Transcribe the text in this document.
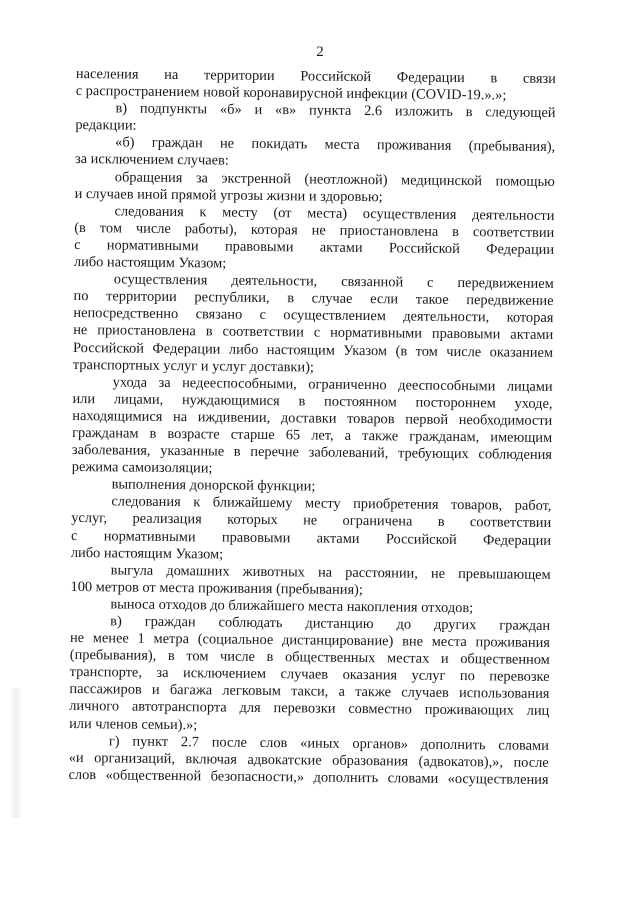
2

населения на территории Российской Федерации в связи

с распространением новой коронавирусной инфекции (COVID-19.».»;

в) подпункты «б» и «в» пункта 2.6 изложить в следующей

редакции:

«б) граждан не покидать места проживания (пребывания),

за исключением случаев:

обращения за экстренной (неотложной) медицинской помощью

и случаев иной прямой угрозы жизни и здоровью;

следования к месту (от места) осуществления деятельности

(в том числе работы), которая не приостановлена в соответствии

с нормативными правовыми актами Российской Федерации

либо настоящим Указом;

осуществления деятельности, связанной с передвижением

по территории республики, в случае если такое передвижение

непосредственно связано с осуществлением деятельности, которая

не приостановлена в соответствии с нормативными правовыми актами

Российской Федерации либо настоящим Указом (в том числе оказанием

транспортных услуг и услуг доставки);

ухода за недееспособными, ограниченно дееспособными лицами

или лицами, нуждающимися в постоянном постороннем уходе,

находящимися на иждивении, доставки товаров первой необходимости

гражданам в возрасте старше 65 лет, а также гражданам, имеющим

заболевания, указанные в перечне заболеваний, требующих соблюдения

режима самоизоляции;

выполнения донорской функции;

следования к ближайшему месту приобретения товаров, работ,

услуг, реализация которых не ограничена в соответствии

с нормативными правовыми актами Российской Федерации

либо настоящим Указом;

выгула домашних животных на расстоянии, не превышающем

100 метров от места проживания (пребывания);

выноса отходов до ближайшего места накопления отходов;

в) граждан соблюдать дистанцию до других граждан

не менее 1 метра (социальное дистанцирование) вне места проживания

(пребывания), в том числе в общественных местах и общественном

транспорте, за исключением случаев оказания услуг по перевозке

пассажиров и багажа легковым такси, а также случаев использования

личного автотранспорта для перевозки совместно проживающих лиц

или членов семьи).»;

г) пункт 2.7 после слов «иных органов» дополнить словами

«и организаций, включая адвокатские образования (адвокатов),», после

слов «общественной безопасности,» дополнить словами «осуществления
